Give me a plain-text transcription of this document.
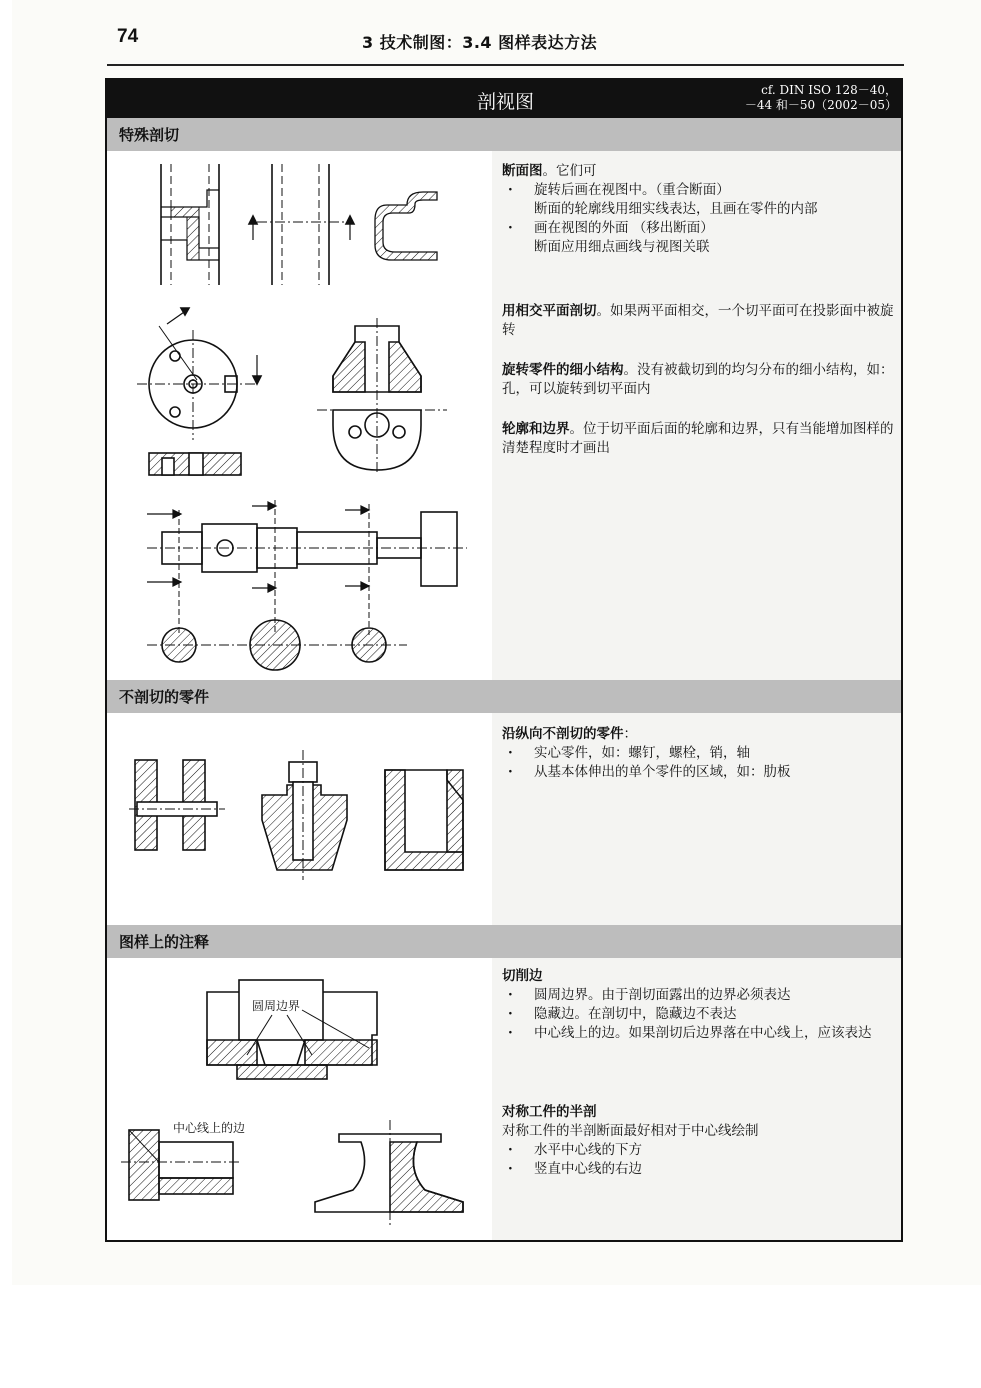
74	3 技术制图：3.4 图样表达方法
剖视图
cf. DIN ISO 128－40，
－44 和－50（2002－05）
特殊剖切
断面图。它们可
· 旋转后画在视图中。（重合断面）
断面的轮廓线用细实线表达，且画在零件的内部
· 画在视图的外面 （移出断面）
断面应用细点画线与视图关联
用相交平面剖切。如果两平面相交，一个切平面可在投影面中被旋转
旋转零件的细小结构。没有被截切到的均匀分布的细小结构，如：孔，可以旋转到切平面内
轮廓和边界。位于切平面后面的轮廓和边界，只有当能增加图样的清楚程度时才画出
不剖切的零件
沿纵向不剖切的零件：
· 实心零件，如：螺钉，螺栓，销，轴
· 从基本体伸出的单个零件的区域，如：肋板
图样上的注释
切削边
· 圆周边界。由于剖切面露出的边界必须表达
· 隐藏边。在剖切中，隐藏边不表达
· 中心线上的边。如果剖切后边界落在中心线上，应该表达
对称工件的半剖
对称工件的半剖断面最好相对于中心线绘制
· 水平中心线的下方
· 竖直中心线的右边
圆周边界
中心线上的边
